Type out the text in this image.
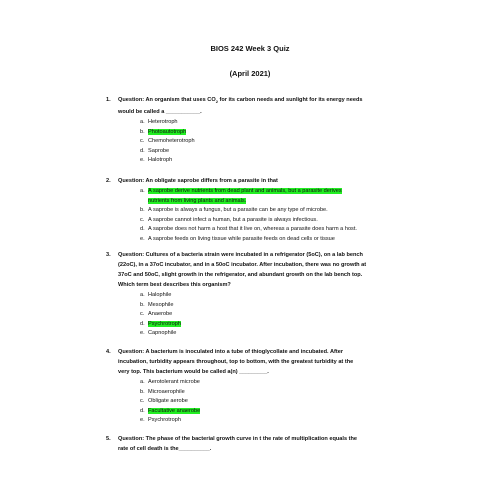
BIOS 242 Week 3 Quiz
(April 2021)
1. Question: An organism that uses $CO_2$ for its carbon needs and sunlight for its energy needs
would be called a ___________.
a. Heterotroph
b. Photoautotroph
c. Chemoheterotroph
d. Saprobe
e. Halotroph
2. Question: An obligate saprobe differs from a parasite in that
a. A saprobe derive nutrients from dead plant and animals, but a parasite derives
nutrients from living plants and animals.
b. A saprobe is always a fungus, but a parasite can be any type of microbe.
c. A saprobe cannot infect a human, but a parasite is always infectious.
d. A saprobe does not harm a host that it live on, whereas a parasite does harm a host.
e. A saprobe feeds on living tissue while parasite feeds on dead cells or tissue
3. Question: Cultures of a bacteria strain were incubated in a refrigerator (5oC), on a lab bench
(22oC), in a 37oC incubator, and in a 50oC incubator. After incubation, there was no growth at
37oC and 50oC, slight growth in the refrigerator, and abundant growth on the lab bench top.
Which term best describes this organism?
a. Halophile
b. Mesophile
c. Anaerobe
d. Psychrotroph
e. Capnophile
4. Question: A bacterium is inoculated into a tube of thioglycollate and incubated. After
incubation, turbidity appears throughout, top to bottom, with the greatest turbidity at the
very top. This bacterium would be called a(n) _________.
a. Aerotolerant microbe
b. Microaerophile
c. Obligate aerobe
d. Facultative anaerobe
e. Psychrotroph
5. Question: The phase of the bacterial growth curve in t the rate of multiplication equals the
rate of cell death is the__________.
